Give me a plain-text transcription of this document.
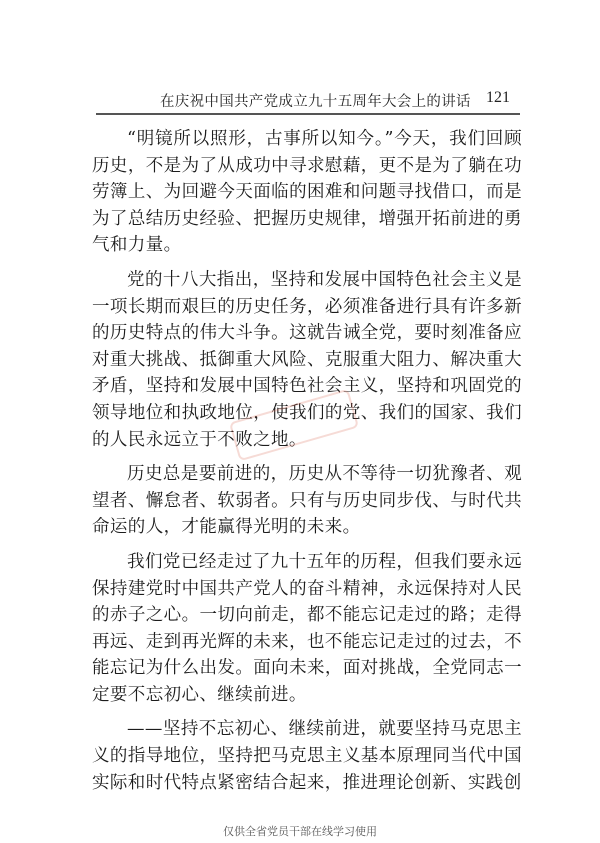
在庆祝中国共产党成立九十五周年大会上的讲话 121

“明镜所以照形，古事所以知今。”今天，我们回顾历史，不是为了从成功中寻求慰藉，更不是为了躺在功劳簿上、为回避今天面临的困难和问题寻找借口，而是为了总结历史经验、把握历史规律，增强开拓前进的勇气和力量。

党的十八大指出，坚持和发展中国特色社会主义是一项长期而艰巨的历史任务，必须准备进行具有许多新的历史特点的伟大斗争。这就告诫全党，要时刻准备应对重大挑战、抵御重大风险、克服重大阻力、解决重大矛盾，坚持和发展中国特色社会主义，坚持和巩固党的领导地位和执政地位，使我们的党、我们的国家、我们的人民永远立于不败之地。

历史总是要前进的，历史从不等待一切犹豫者、观望者、懈怠者、软弱者。只有与历史同步伐、与时代共命运的人，才能赢得光明的未来。

我们党已经走过了九十五年的历程，但我们要永远保持建党时中国共产党人的奋斗精神，永远保持对人民的赤子之心。一切向前走，都不能忘记走过的路；走得再远、走到再光辉的未来，也不能忘记走过的过去，不能忘记为什么出发。面向未来，面对挑战，全党同志一定要不忘初心、继续前进。

——坚持不忘初心、继续前进，就要坚持马克思主义的指导地位，坚持把马克思主义基本原理同当代中国实际和时代特点紧密结合起来，推进理论创新、实践创

仅供全省党员干部在线学习使用
